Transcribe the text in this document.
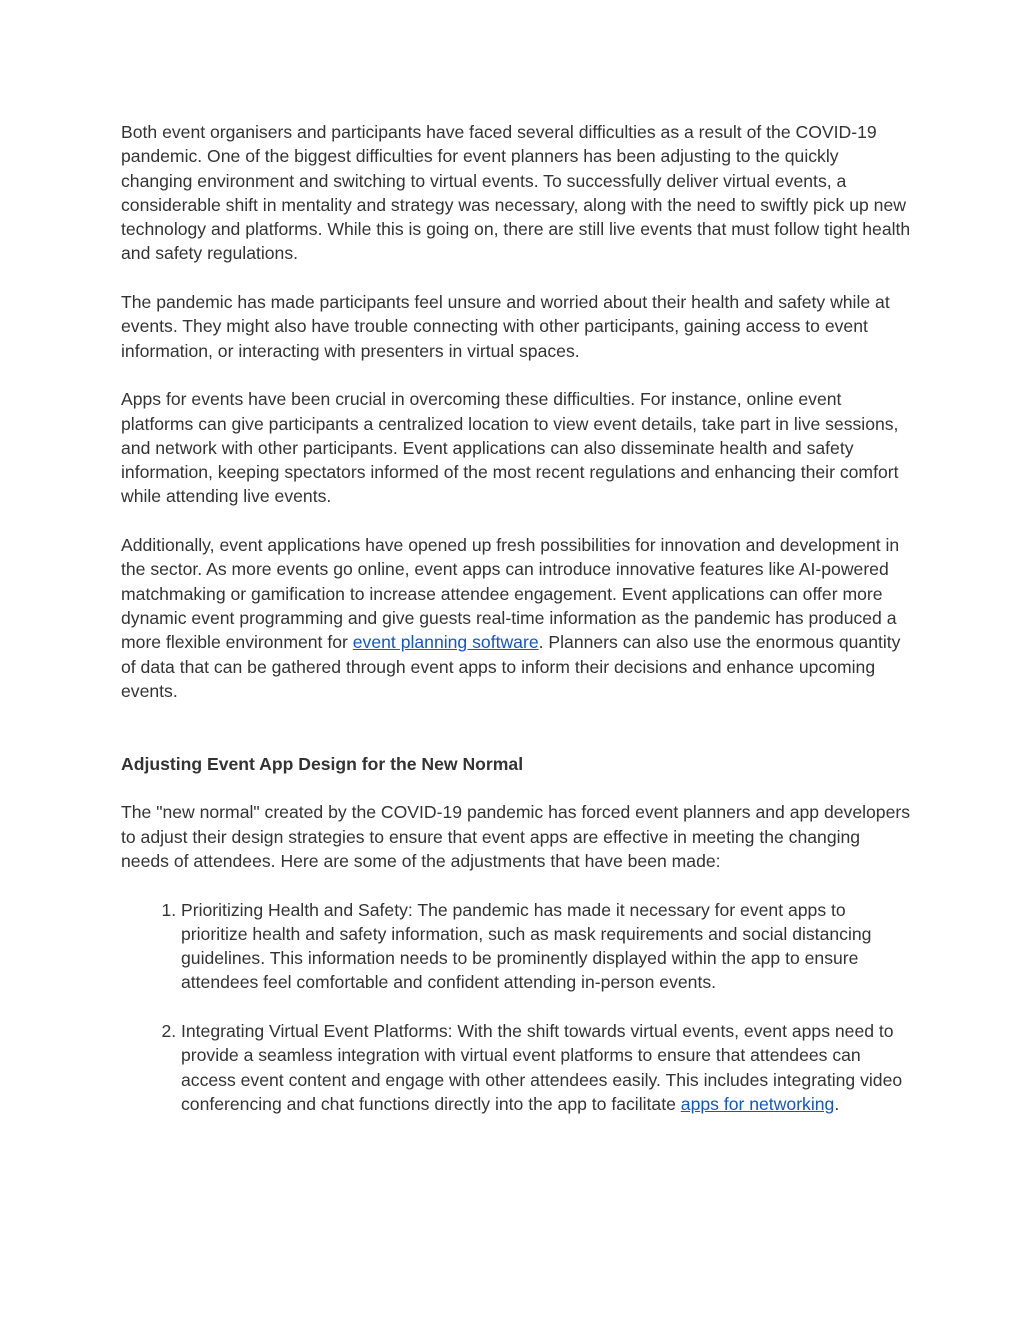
Both event organisers and participants have faced several difficulties as a result of the COVID-19 pandemic. One of the biggest difficulties for event planners has been adjusting to the quickly changing environment and switching to virtual events. To successfully deliver virtual events, a considerable shift in mentality and strategy was necessary, along with the need to swiftly pick up new technology and platforms. While this is going on, there are still live events that must follow tight health and safety regulations.

The pandemic has made participants feel unsure and worried about their health and safety while at events. They might also have trouble connecting with other participants, gaining access to event information, or interacting with presenters in virtual spaces.

Apps for events have been crucial in overcoming these difficulties. For instance, online event platforms can give participants a centralized location to view event details, take part in live sessions, and network with other participants. Event applications can also disseminate health and safety information, keeping spectators informed of the most recent regulations and enhancing their comfort while attending live events.

Additionally, event applications have opened up fresh possibilities for innovation and development in the sector. As more events go online, event apps can introduce innovative features like AI-powered matchmaking or gamification to increase attendee engagement. Event applications can offer more dynamic event programming and give guests real-time information as the pandemic has produced a more flexible environment for event planning software. Planners can also use the enormous quantity of data that can be gathered through event apps to inform their decisions and enhance upcoming events.

Adjusting Event App Design for the New Normal

The "new normal" created by the COVID-19 pandemic has forced event planners and app developers to adjust their design strategies to ensure that event apps are effective in meeting the changing needs of attendees. Here are some of the adjustments that have been made:

1. Prioritizing Health and Safety: The pandemic has made it necessary for event apps to prioritize health and safety information, such as mask requirements and social distancing guidelines. This information needs to be prominently displayed within the app to ensure attendees feel comfortable and confident attending in-person events.
2. Integrating Virtual Event Platforms: With the shift towards virtual events, event apps need to provide a seamless integration with virtual event platforms to ensure that attendees can access event content and engage with other attendees easily. This includes integrating video conferencing and chat functions directly into the app to facilitate apps for networking.
